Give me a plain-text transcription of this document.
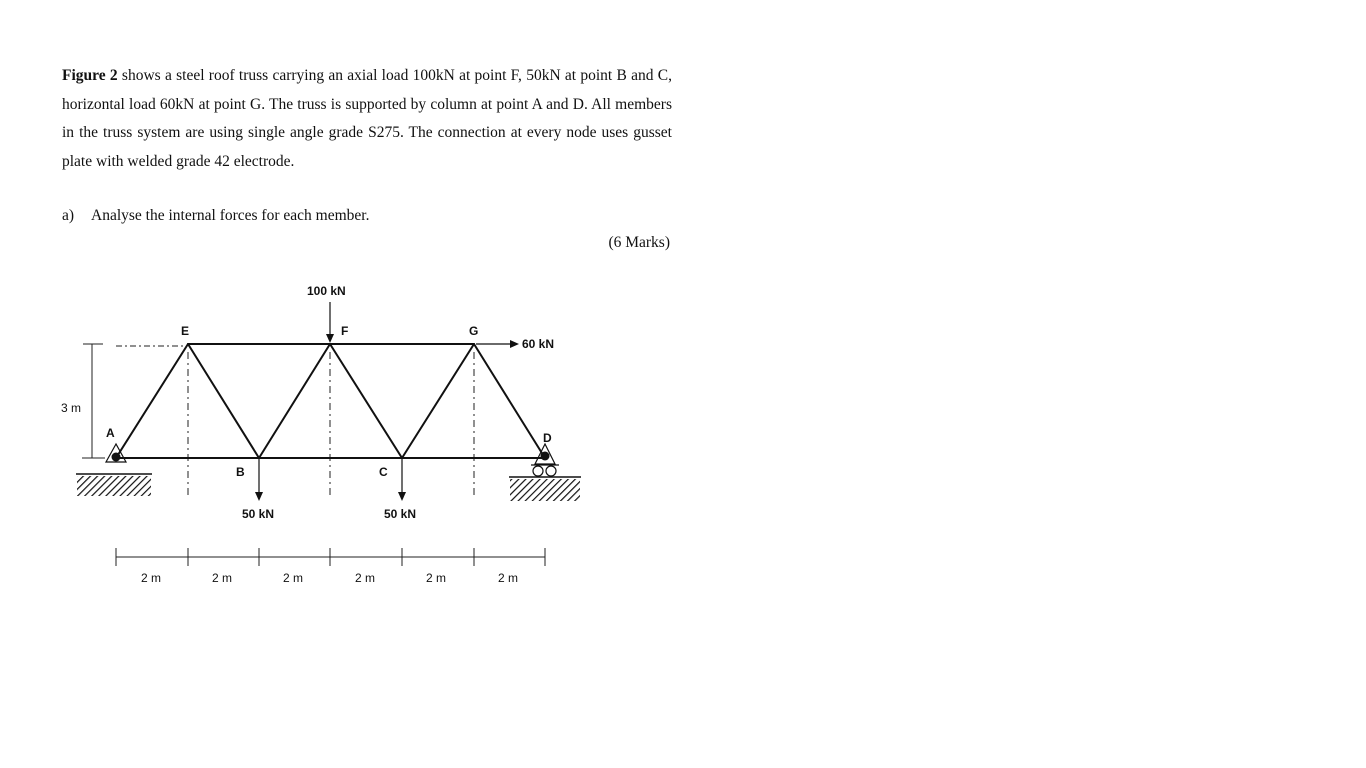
Figure 2 shows a steel roof truss carrying an axial load 100kN at point F, 50kN at point B and C, horizontal load 60kN at point G. The truss is supported by column at point A and D. All members in the truss system are using single angle grade S275. The connection at every node uses gusset plate with welded grade 42 electrode.
a) Analyse the internal forces for each member.
(6 Marks)
3 m
100 kN
60 kN
50 kN	50 kN
E	F	G
A	D
B	C
2 m	2 m	2 m	2 m	2 m	2 m
